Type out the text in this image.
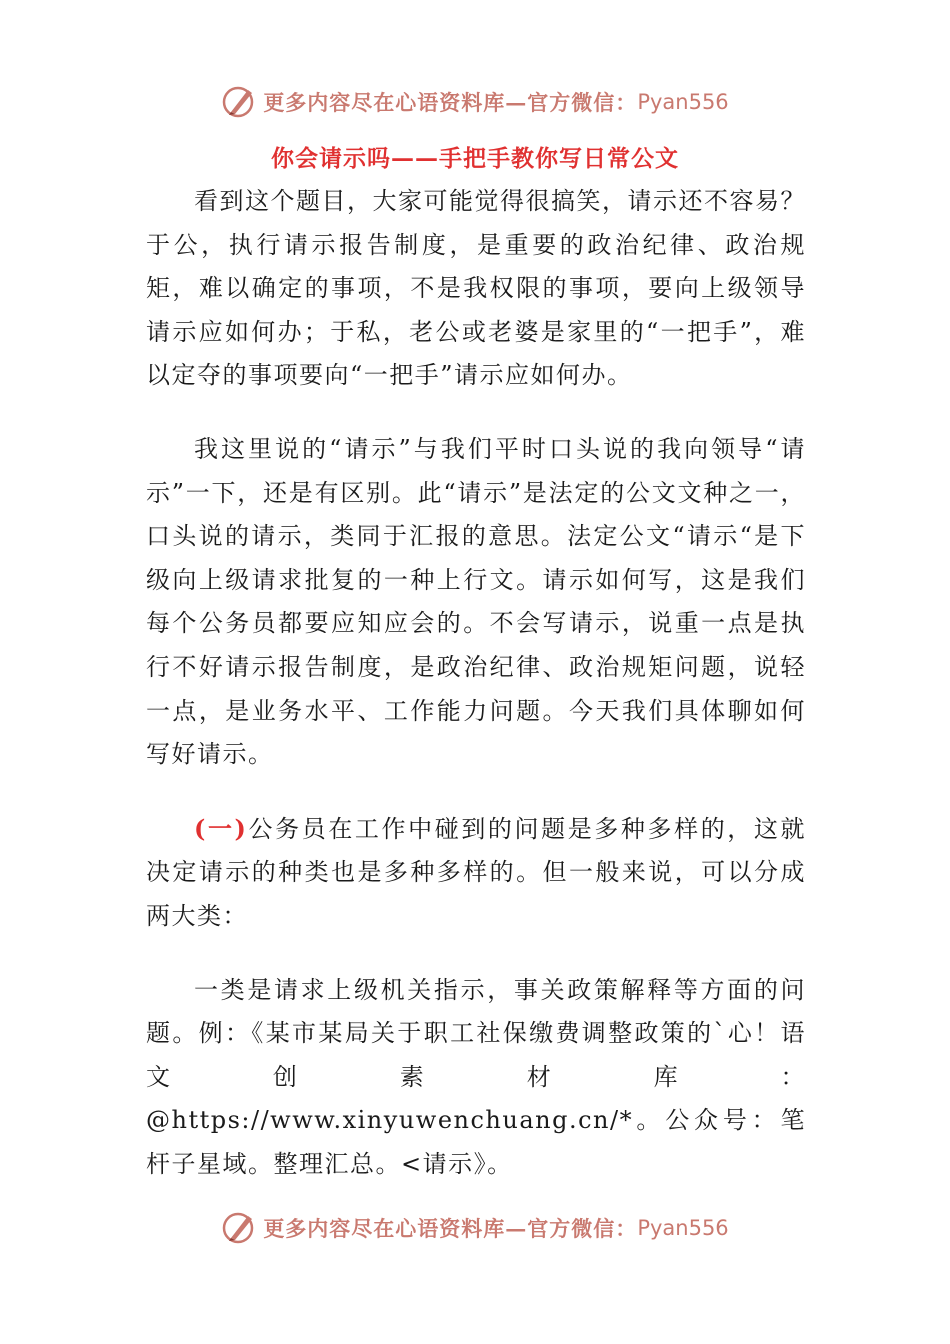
更多内容尽在心语资料库—官方微信： Pyan556
你会请示吗——手把手教你写日常公文

看到这个题目，大家可能觉得很搞笑，请示还不容易？于公，执行请示报告制度，是重要的政治纪律、政治规矩，难以确定的事项，不是我权限的事项，要向上级领导请示应如何办；于私，老公或老婆是家里的“一把手”，难以定夺的事项要向“一把手”请示应如何办。

我这里说的“请示”与我们平时口头说的我向领导“请示”一下，还是有区别。此“请示”是法定的公文文种之一，口头说的请示，类同于汇报的意思。法定公文“请示“是下级向上级请求批复的一种上行文。请示如何写，这是我们每个公务员都要应知应会的。不会写请示，说重一点是执行不好请示报告制度，是政治纪律、政治规矩问题，说轻一点，是业务水平、工作能力问题。今天我们具体聊如何写好请示。

(一)公务员在工作中碰到的问题是多种多样的，这就决定请示的种类也是多种多样的。但一般来说，可以分成两大类：

一类是请求上级机关指示，事关政策解释等方面的问题。例：《某市某局关于职工社保缴费调整政策的`心！语文创素材库：@https://www.xinyuwenchuang.cn/*。公众号：笔杆子星域。整理汇总。<请示》。

更多内容尽在心语资料库—官方微信： Pyan556
